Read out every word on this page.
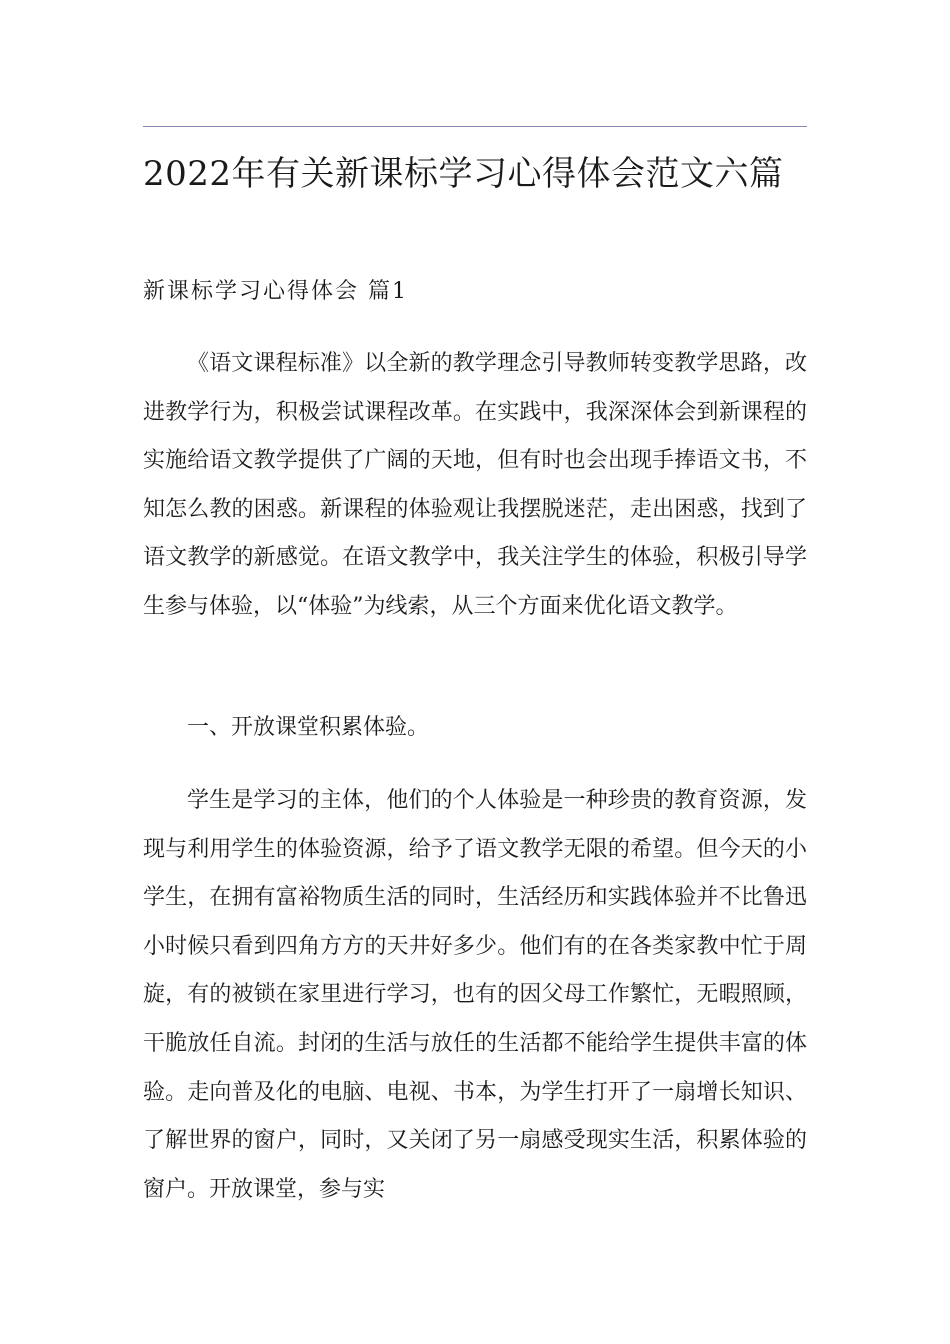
2022年有关新课标学习心得体会范文六篇
新课标学习心得体会 篇1

《语文课程标准》以全新的教学理念引导教师转变教学思路，改进教学行为，积极尝试课程改革。在实践中，我深深体会到新课程的实施给语文教学提供了广阔的天地，但有时也会出现手捧语文书，不知怎么教的困惑。新课程的体验观让我摆脱迷茫，走出困惑，找到了语文教学的新感觉。在语文教学中，我关注学生的体验，积极引导学生参与体验，以“体验”为线索，从三个方面来优化语文教学。

一、开放课堂积累体验。

学生是学习的主体，他们的个人体验是一种珍贵的教育资源，发现与利用学生的体验资源，给予了语文教学无限的希望。但今天的小学生，在拥有富裕物质生活的同时，生活经历和实践体验并不比鲁迅小时候只看到四角方方的天井好多少。他们有的在各类家教中忙于周旋，有的被锁在家里进行学习，也有的因父母工作繁忙，无暇照顾，干脆放任自流。封闭的生活与放任的生活都不能给学生提供丰富的体验。走向普及化的电脑、电视、书本，为学生打开了一扇增长知识、了解世界的窗户，同时，又关闭了另一扇感受现实生活，积累体验的窗户。开放课堂，参与实
